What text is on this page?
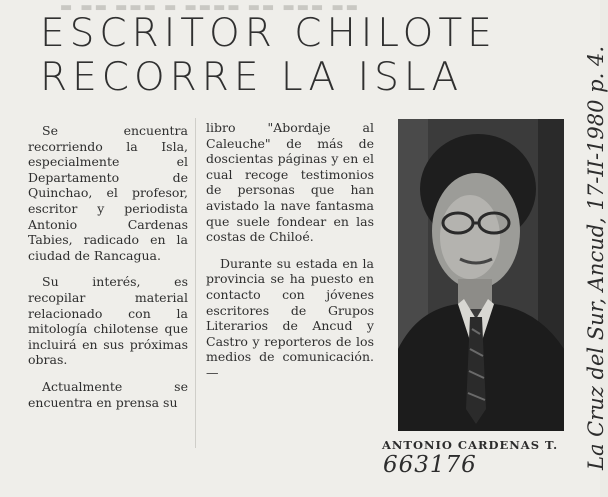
▬ ▬▬ ▬▬▬ ▬ ▬▬▬▬ ▬▬ ▬▬▬ ▬▬
ESCRITOR CHILOTE
RECORRE LA ISLA

Se encuentra recorriendo la Isla, especialmente el Departamento de Quinchao, el profesor, escritor y periodista Antonio Cardenas Tabies, radicado en la ciudad de Rancagua.

Su interés, es recopilar material relacionado con la mitología chilotense que incluirá en sus próximas obras.

Actualmente se encuentra en prensa su

libro "Abordaje al Caleuche" de más de doscientas páginas y en el cual recoge testimonios de personas que han avistado la nave fantasma que suele fondear en las costas de Chiloé.

Durante su estada en la provincia se ha puesto en contacto con jóvenes escritores de Grupos Literarios de Ancud y Castro y reporteros de los medios de comunicación.—

ANTONIO CARDENAS T.	La Cruz del Sur, Ancud, 17-II-1980 p. 4.
663176
